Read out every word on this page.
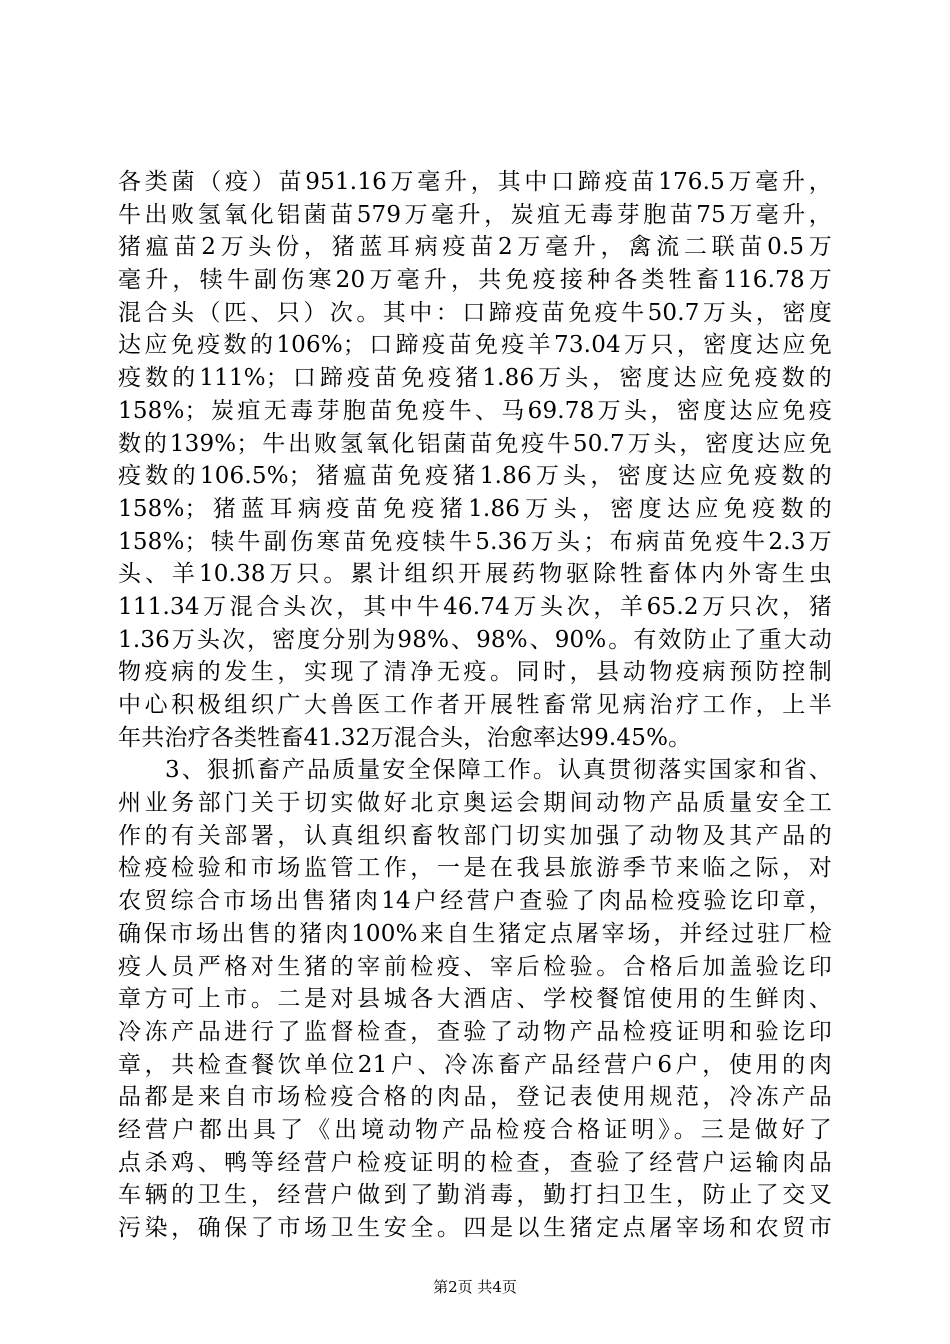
各类菌（疫）苗951.16万毫升，其中口蹄疫苗176.5万毫升，
牛出败氢氧化铝菌苗579万毫升，炭疽无毒芽胞苗75万毫升，
猪瘟苗2万头份，猪蓝耳病疫苗2万毫升，禽流二联苗0.5万
毫升，犊牛副伤寒20万毫升，共免疫接种各类牲畜116.78万
混合头（匹、只）次。其中：口蹄疫苗免疫牛50.7万头，密度
达应免疫数的106%；口蹄疫苗免疫羊73.04万只，密度达应免
疫数的111%；口蹄疫苗免疫猪1.86万头，密度达应免疫数的
158%；炭疽无毒芽胞苗免疫牛、马69.78万头，密度达应免疫
数的139%；牛出败氢氧化铝菌苗免疫牛50.7万头，密度达应免
疫数的106.5%；猪瘟苗免疫猪1.86万头，密度达应免疫数的
158%；猪蓝耳病疫苗免疫猪1.86万头，密度达应免疫数的
158%；犊牛副伤寒苗免疫犊牛5.36万头；布病苗免疫牛2.3万
头、羊10.38万只。累计组织开展药物驱除牲畜体内外寄生虫
111.34万混合头次，其中牛46.74万头次，羊65.2万只次，猪
1.36万头次，密度分别为98%、98%、90%。有效防止了重大动
物疫病的发生，实现了清净无疫。同时，县动物疫病预防控制
中心积极组织广大兽医工作者开展牲畜常见病治疗工作，上半
年共治疗各类牲畜41.32万混合头，治愈率达99.45%。
3、狠抓畜产品质量安全保障工作。认真贯彻落实国家和省、
州业务部门关于切实做好北京奥运会期间动物产品质量安全工
作的有关部署，认真组织畜牧部门切实加强了动物及其产品的
检疫检验和市场监管工作，一是在我县旅游季节来临之际，对
农贸综合市场出售猪肉14户经营户查验了肉品检疫验讫印章，
确保市场出售的猪肉100%来自生猪定点屠宰场，并经过驻厂检
疫人员严格对生猪的宰前检疫、宰后检验。合格后加盖验讫印
章方可上市。二是对县城各大酒店、学校餐馆使用的生鲜肉、
冷冻产品进行了监督检查，查验了动物产品检疫证明和验讫印
章，共检查餐饮单位21户、冷冻畜产品经营户6户，使用的肉
品都是来自市场检疫合格的肉品，登记表使用规范，冷冻产品
经营户都出具了《出境动物产品检疫合格证明》。三是做好了
点杀鸡、鸭等经营户检疫证明的检查，查验了经营户运输肉品
车辆的卫生，经营户做到了勤消毒，勤打扫卫生，防止了交叉
污染，确保了市场卫生安全。四是以生猪定点屠宰场和农贸市
第2页 共4页
